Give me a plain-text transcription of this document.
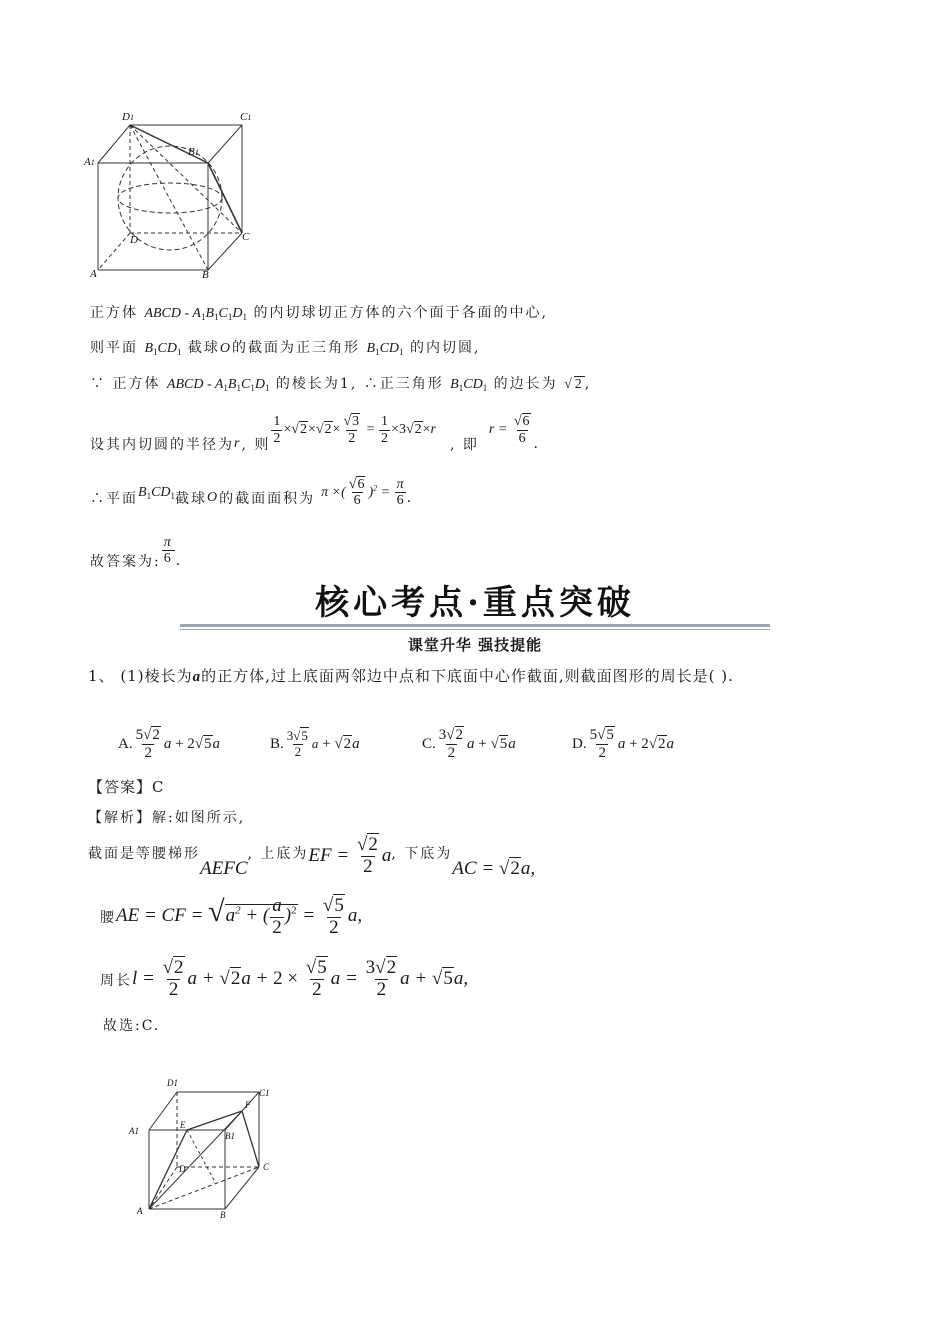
D1	C1
A1
B1
D	C
A	B
正方体 ABCD - $A_1B_1C_1D_1$ 的内切球切正方体的六个面于各面的中心,
则平面 $B_1CD_1$ 截球O的截面为正三角形 $B_1CD_1$ 的内切圆,
∵ 正方体 ABCD - $A_1B_1C_1D_1$ 的棱长为1, ∴正三角形 $B_1CD_1$ 的边长为 √2,
设其内切圆的半径为 r , 则 $\frac{1}{2} \times√2\times√2\times \frac{√3}{2} = \frac{1}{2} \times 3√2\times r$
, 即
$r = \frac{√6}{6}$ .
∴平面 $B_1CD_1$ 截球 O 的截面面积为 π ×( $\frac{√6}{6} )^2 = \frac{\pi}{6}$ .
故答案为: $\frac{\pi}{6}$ .
核心考点·重点突破
课堂升华 强技提能
1、 (1)棱长为a的正方体,过上底面两邻边中点和下底面中心作截面,则截面图形的周长是( ).
A. $\frac{5√2}{2}$ a
+
2 √ 5 a	B. $\frac{3√5}{2}$ a
+ √ 2 a	C. $\frac{3√2}{2}$ a
+ √ 5 a	D. $\frac{5√5}{2}$ a
+
2 √ 2 a
【答案】C
【解析】解:如图所示,
截面是等腰梯形
AEFC
, 上底为 EF = $\frac{√2}{2}$ a , 下底为
AC = √2a,
腰 AE = CF = $√a^2$ + ( $\frac{a}{2} )^2 = \frac{√5}{2} a$,
周长 $l = \frac{√2}{2}$ $a + √2a + 2 \times \frac{√5}{2}$ $a = \frac{3√2}{2}$ a + √5a,
故选:C.
D1
C1
A1	B1
E
F
D	C
A	B
